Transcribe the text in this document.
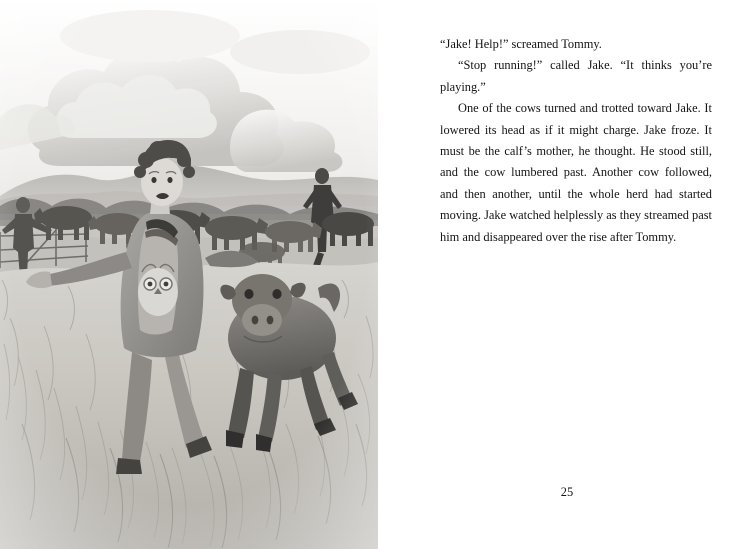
“Jake! Help!” screamed Tommy.

“Stop running!” called Jake. “It thinks you’re playing.”

One of the cows turned and trotted toward Jake. It lowered its head as if it might charge. Jake froze. It must be the calf’s mother, he thought. He stood still, and the cow lumbered past. Another cow followed, and then another, until the whole herd had started moving. Jake watched helplessly as they streamed past him and disappeared over the rise after Tommy.

25
